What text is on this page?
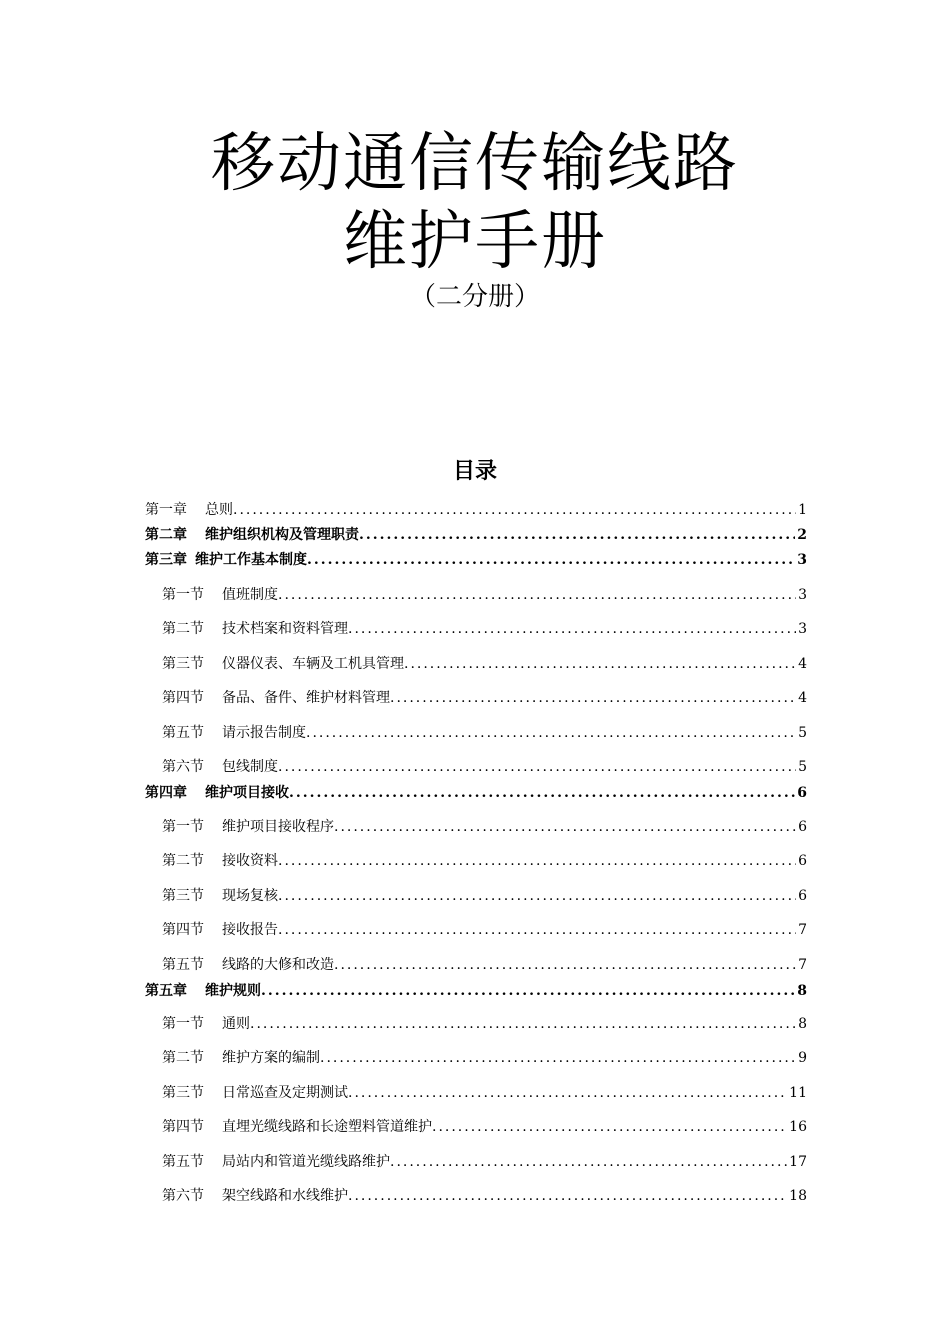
移动通信传输线路
维护手册
（二分册）
目录
第一章 总则 .....	1
第二章 维护组织机构及管理职责 .....	2
第三章 维护工作基本制度 .....	3
第一节 值班制度 .....	3
第二节 技术档案和资料管理 .....	3
第三节 仪器仪表、车辆及工机具管理 .....	4
第四节 备品、备件、维护材料管理 .....	4
第五节 请示报告制度 .....	5
第六节 包线制度 .....	5
第四章 维护项目接收 .....	6
第一节 维护项目接收程序 .....	6
第二节 接收资料 .....	6
第三节 现场复核 .....	6
第四节 接收报告 .....	7
第五节 线路的大修和改造 .....	7
第五章 维护规则 .....	8
第一节 通则 .....	8
第二节 维护方案的编制 .....	9
第三节 日常巡查及定期测试 .....	11
第四节 直埋光缆线路和长途塑料管道维护 .....	16
第五节 局站内和管道光缆线路维护 .....	17
第六节 架空线路和水线维护 .....	18
